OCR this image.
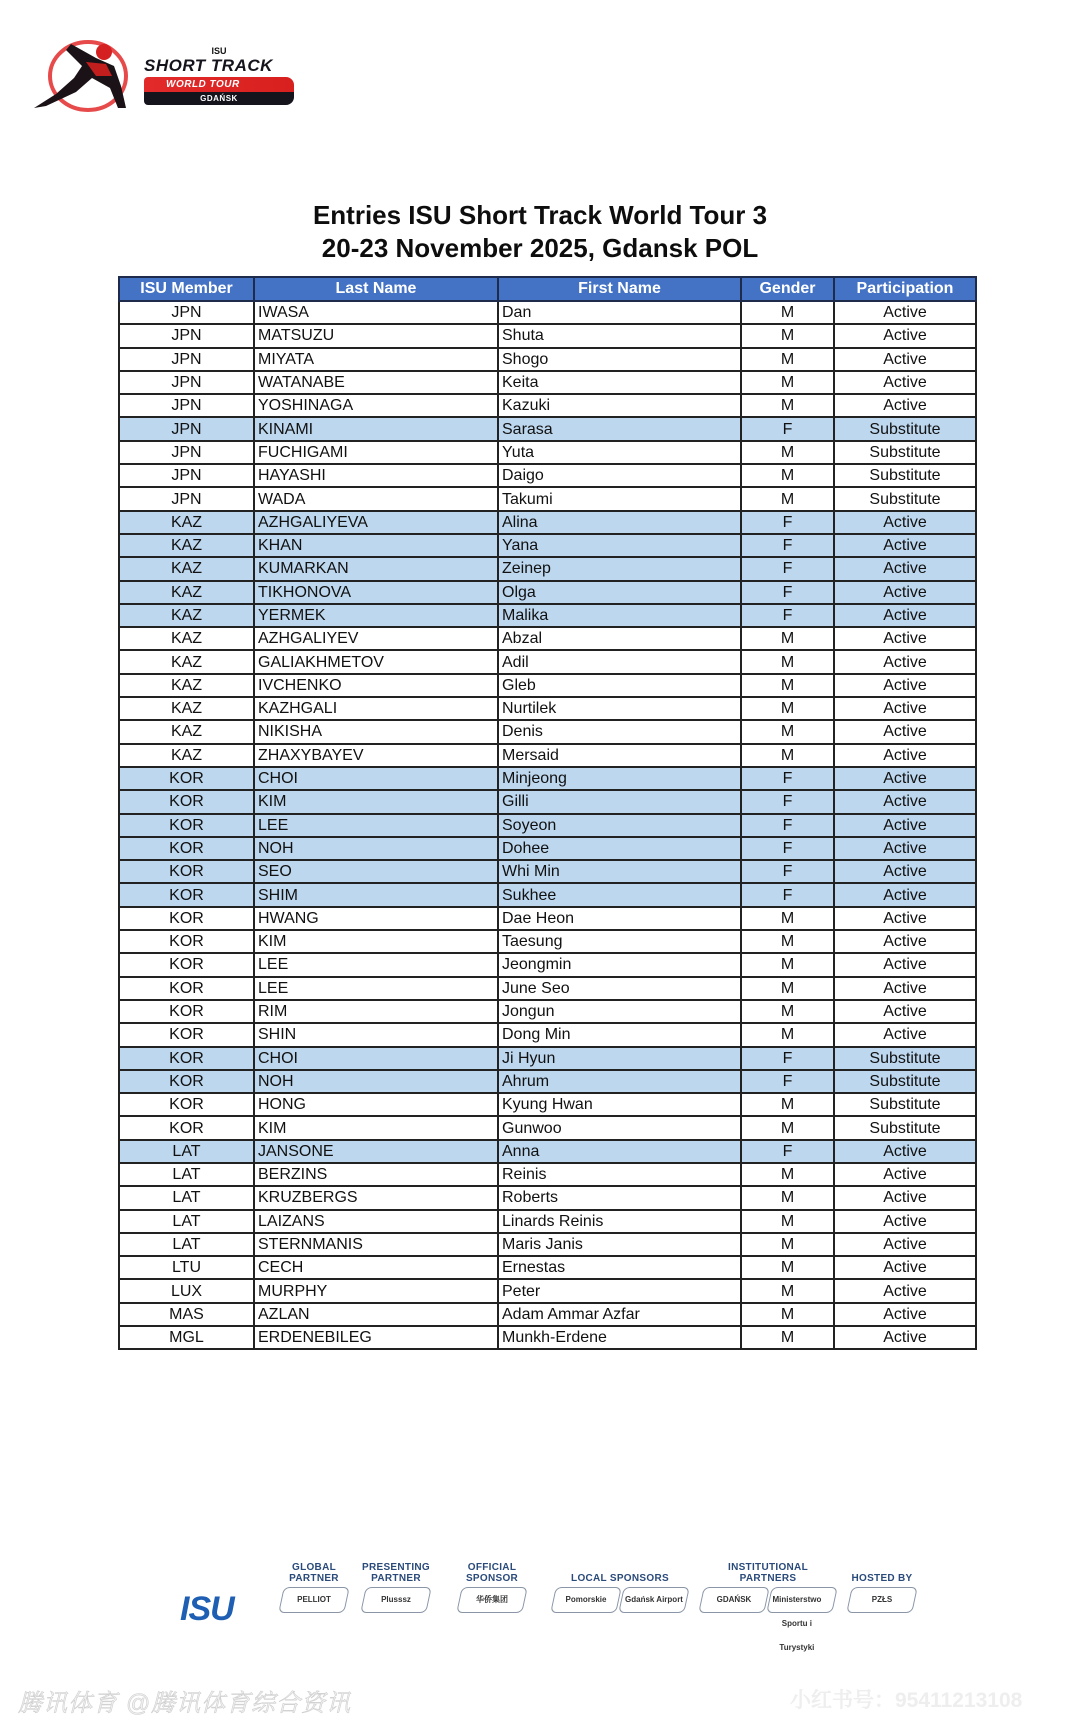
ISU
SHORT TRACK
WORLD TOUR
GDAŃSK
Entries ISU Short Track World Tour 3
20-23 November 2025, Gdansk POL
ISU Member	Last Name	First Name	Gender	Participation
JPN	IWASA	Dan	M	Active
JPN	MATSUZU	Shuta	M	Active
JPN	MIYATA	Shogo	M	Active
JPN	WATANABE	Keita	M	Active
JPN	YOSHINAGA	Kazuki	M	Active
JPN	KINAMI	Sarasa	F	Substitute
JPN	FUCHIGAMI	Yuta	M	Substitute
JPN	HAYASHI	Daigo	M	Substitute
JPN	WADA	Takumi	M	Substitute
KAZ	AZHGALIYEVA	Alina	F	Active
KAZ	KHAN	Yana	F	Active
KAZ	KUMARKAN	Zeinep	F	Active
KAZ	TIKHONOVA	Olga	F	Active
KAZ	YERMEK	Malika	F	Active
KAZ	AZHGALIYEV	Abzal	M	Active
KAZ	GALIAKHMETOV	Adil	M	Active
KAZ	IVCHENKO	Gleb	M	Active
KAZ	KAZHGALI	Nurtilek	M	Active
KAZ	NIKISHA	Denis	M	Active
KAZ	ZHAXYBAYEV	Mersaid	M	Active
KOR	CHOI	Minjeong	F	Active
KOR	KIM	Gilli	F	Active
KOR	LEE	Soyeon	F	Active
KOR	NOH	Dohee	F	Active
KOR	SEO	Whi Min	F	Active
KOR	SHIM	Sukhee	F	Active
KOR	HWANG	Dae Heon	M	Active
KOR	KIM	Taesung	M	Active
KOR	LEE	Jeongmin	M	Active
KOR	LEE	June Seo	M	Active
KOR	RIM	Jongun	M	Active
KOR	SHIN	Dong Min	M	Active
KOR	CHOI	Ji Hyun	F	Substitute
KOR	NOH	Ahrum	F	Substitute
KOR	HONG	Kyung Hwan	M	Substitute
KOR	KIM	Gunwoo	M	Substitute
LAT	JANSONE	Anna	F	Active
LAT	BERZINS	Reinis	M	Active
LAT	KRUZBERGS	Roberts	M	Active
LAT	LAIZANS	Linards Reinis	M	Active
LAT	STERNMANIS	Maris Janis	M	Active
LTU	CECH	Ernestas	M	Active
LUX	MURPHY	Peter	M	Active
MAS	AZLAN	Adam Ammar Azfar	M	Active
MGL	ERDENEBILEG	Munkh-Erdene	M	Active
ISU
GLOBAL
PARTNER
PELLIOT
PRESENTING
PARTNER
Plusssz
OFFICIAL
SPONSOR
华侨集团
LOCAL SPONSORS
Pomorskie	Gdańsk Airport
INSTITUTIONAL
PARTNERS
GDAŃSK	Ministerstwo Sportu i Turystyki
HOSTED BY
PZŁS
腾讯体育 @腾讯体育综合资讯	小红书号：95411213108
